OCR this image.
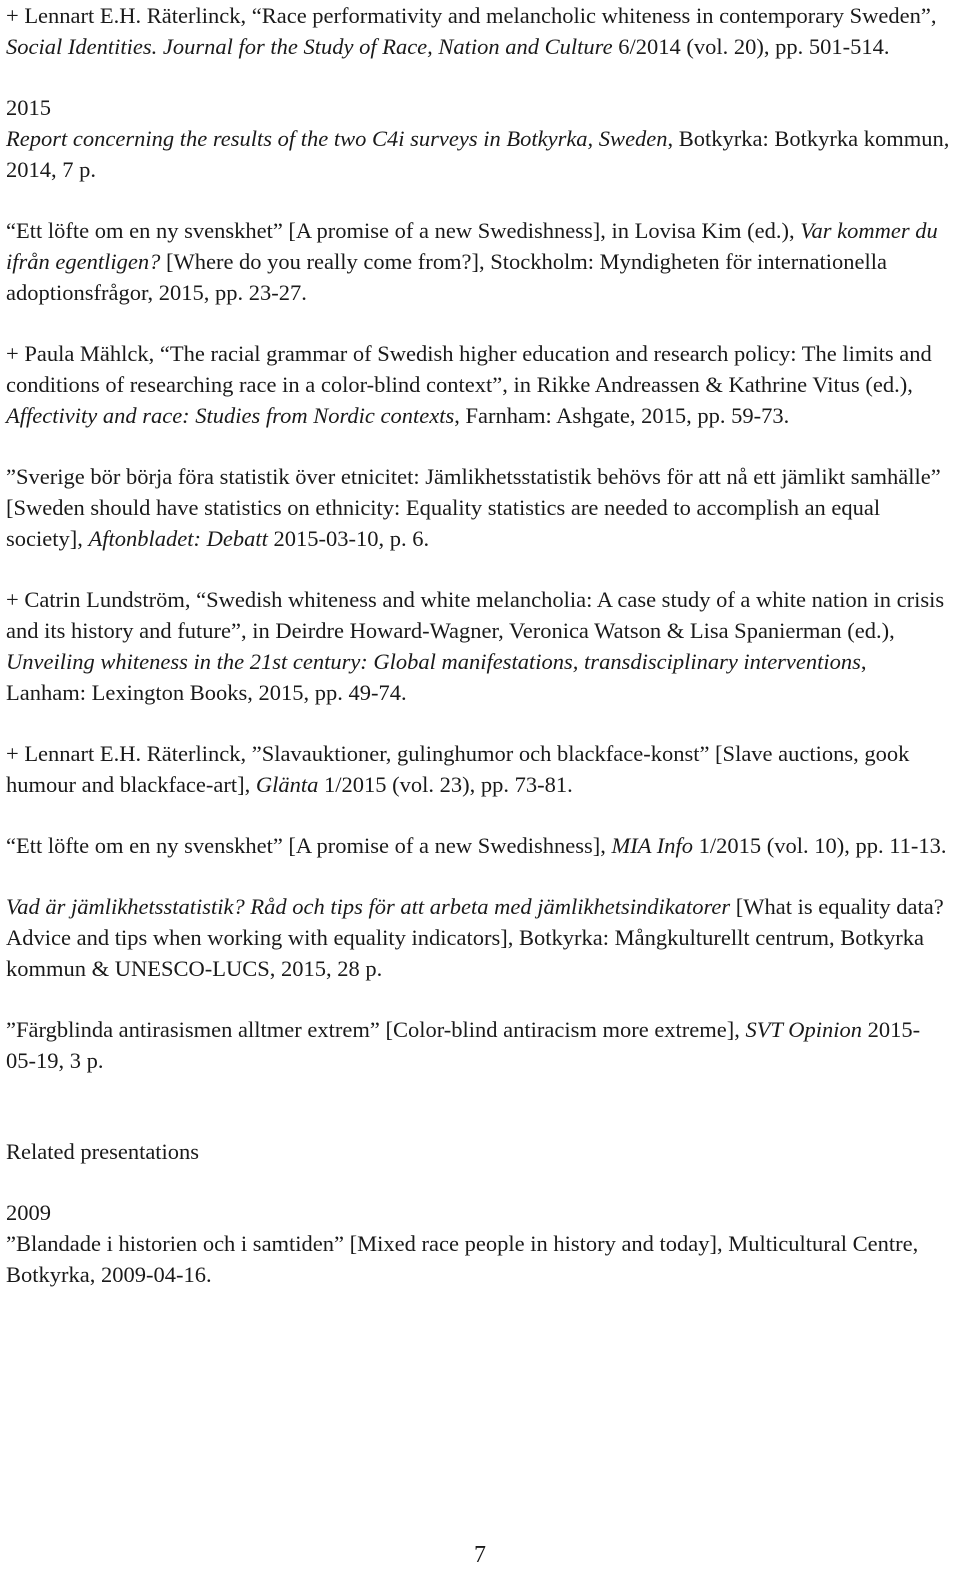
+ Lennart E.H. Räterlinck, “Race performativity and melancholic whiteness in contemporary Sweden”, Social Identities. Journal for the Study of Race, Nation and Culture 6/2014 (vol. 20), pp. 501-514.

2015

Report concerning the results of the two C4i surveys in Botkyrka, Sweden, Botkyrka: Botkyrka kommun, 2014, 7 p.

“Ett löfte om en ny svenskhet” [A promise of a new Swedishness], in Lovisa Kim (ed.), Var kommer du ifrån egentligen? [Where do you really come from?], Stockholm: Myndigheten för internationella adoptionsfrågor, 2015, pp. 23-27.

+ Paula Mählck, “The racial grammar of Swedish higher education and research policy: The limits and conditions of researching race in a color-blind context”, in Rikke Andreassen & Kathrine Vitus (ed.), Affectivity and race: Studies from Nordic contexts, Farnham: Ashgate, 2015, pp. 59-73.

”Sverige bör börja föra statistik över etnicitet: Jämlikhetsstatistik behövs för att nå ett jämlikt samhälle” [Sweden should have statistics on ethnicity: Equality statistics are needed to accomplish an equal society], Aftonbladet: Debatt 2015-03-10, p. 6.

+ Catrin Lundström, “Swedish whiteness and white melancholia: A case study of a white nation in crisis and its history and future”, in Deirdre Howard-Wagner, Veronica Watson & Lisa Spanierman (ed.), Unveiling whiteness in the 21st century: Global manifestations, transdisciplinary interventions, Lanham: Lexington Books, 2015, pp. 49-74.

+ Lennart E.H. Räterlinck, ”Slavauktioner, gulinghumor och blackface-konst” [Slave auctions, gook humour and blackface-art], Glänta 1/2015 (vol. 23), pp. 73-81.

“Ett löfte om en ny svenskhet” [A promise of a new Swedishness], MIA Info 1/2015 (vol. 10), pp. 11-13.

Vad är jämlikhetsstatistik? Råd och tips för att arbeta med jämlikhetsindikatorer [What is equality data? Advice and tips when working with equality indicators], Botkyrka: Mångkulturellt centrum, Botkyrka kommun & UNESCO-LUCS, 2015, 28 p.

”Färgblinda antirasismen alltmer extrem” [Color-blind antiracism more extreme], SVT Opinion 2015-05-19, 3 p.

Related presentations

2009

”Blandade i historien och i samtiden” [Mixed race people in history and today], Multicultural Centre, Botkyrka, 2009-04-16.

7
